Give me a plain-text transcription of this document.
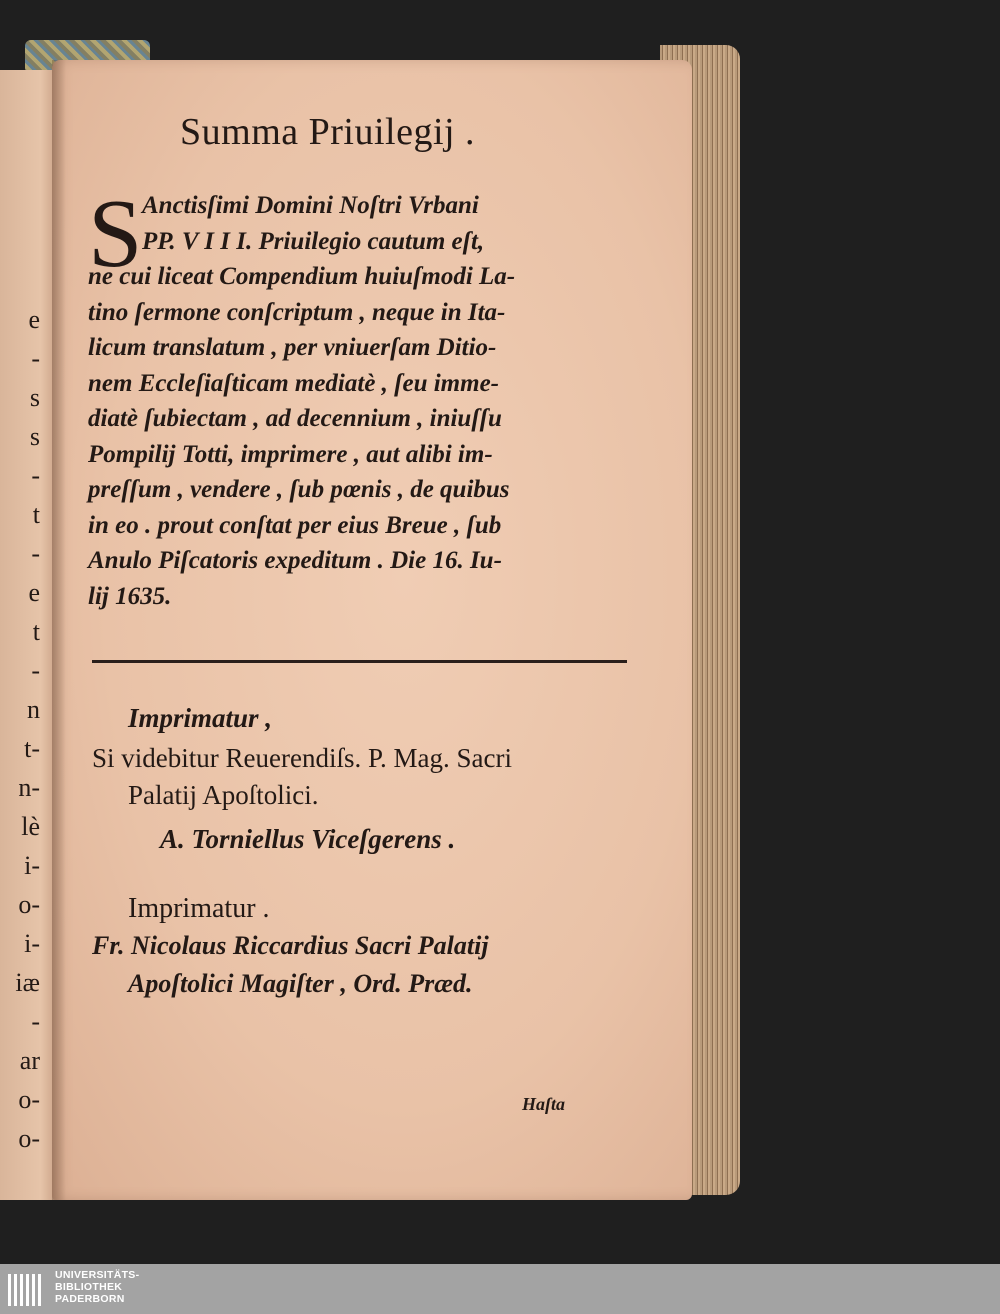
e
-
s
s
-
t
-
e
t
-
n
t-
n-
lè
i-
o-
i-
iæ
-
ar
o-
o-
Summa Priuilegij .
S Anctisſimi Domini Noſtri Vrbani

PP. V I I I. Priuilegio cautum eſt,

ne cui liceat Compendium huiuſmodi La-

tino ſermone conſcriptum , neque in Ita-

licum translatum , per vniuerſam Ditio-

nem Eccleſiaſticam mediatè , ſeu imme-

diatè ſubiectam , ad decennium , iniuſſu

Pompilij Totti, imprimere , aut alibi im-

preſſum , vendere , ſub pœnis , de quibus

in eo . prout conſtat per eius Breue , ſub

Anulo Piſcatoris expeditum . Die 16. Iu-

lij 1635.

Imprimatur ,
Si videbitur Reuerendiſs. P. Mag. Sacri
Palatij Apoſtolici.
A. Torniellus Viceſgerens .
Imprimatur .
Fr. Nicolaus Riccardius Sacri Palatij
Apoſtolici Magiſter , Ord. Præd.
Haſta
UNIVERSITÄTS-
BIBLIOTHEK
PADERBORN
